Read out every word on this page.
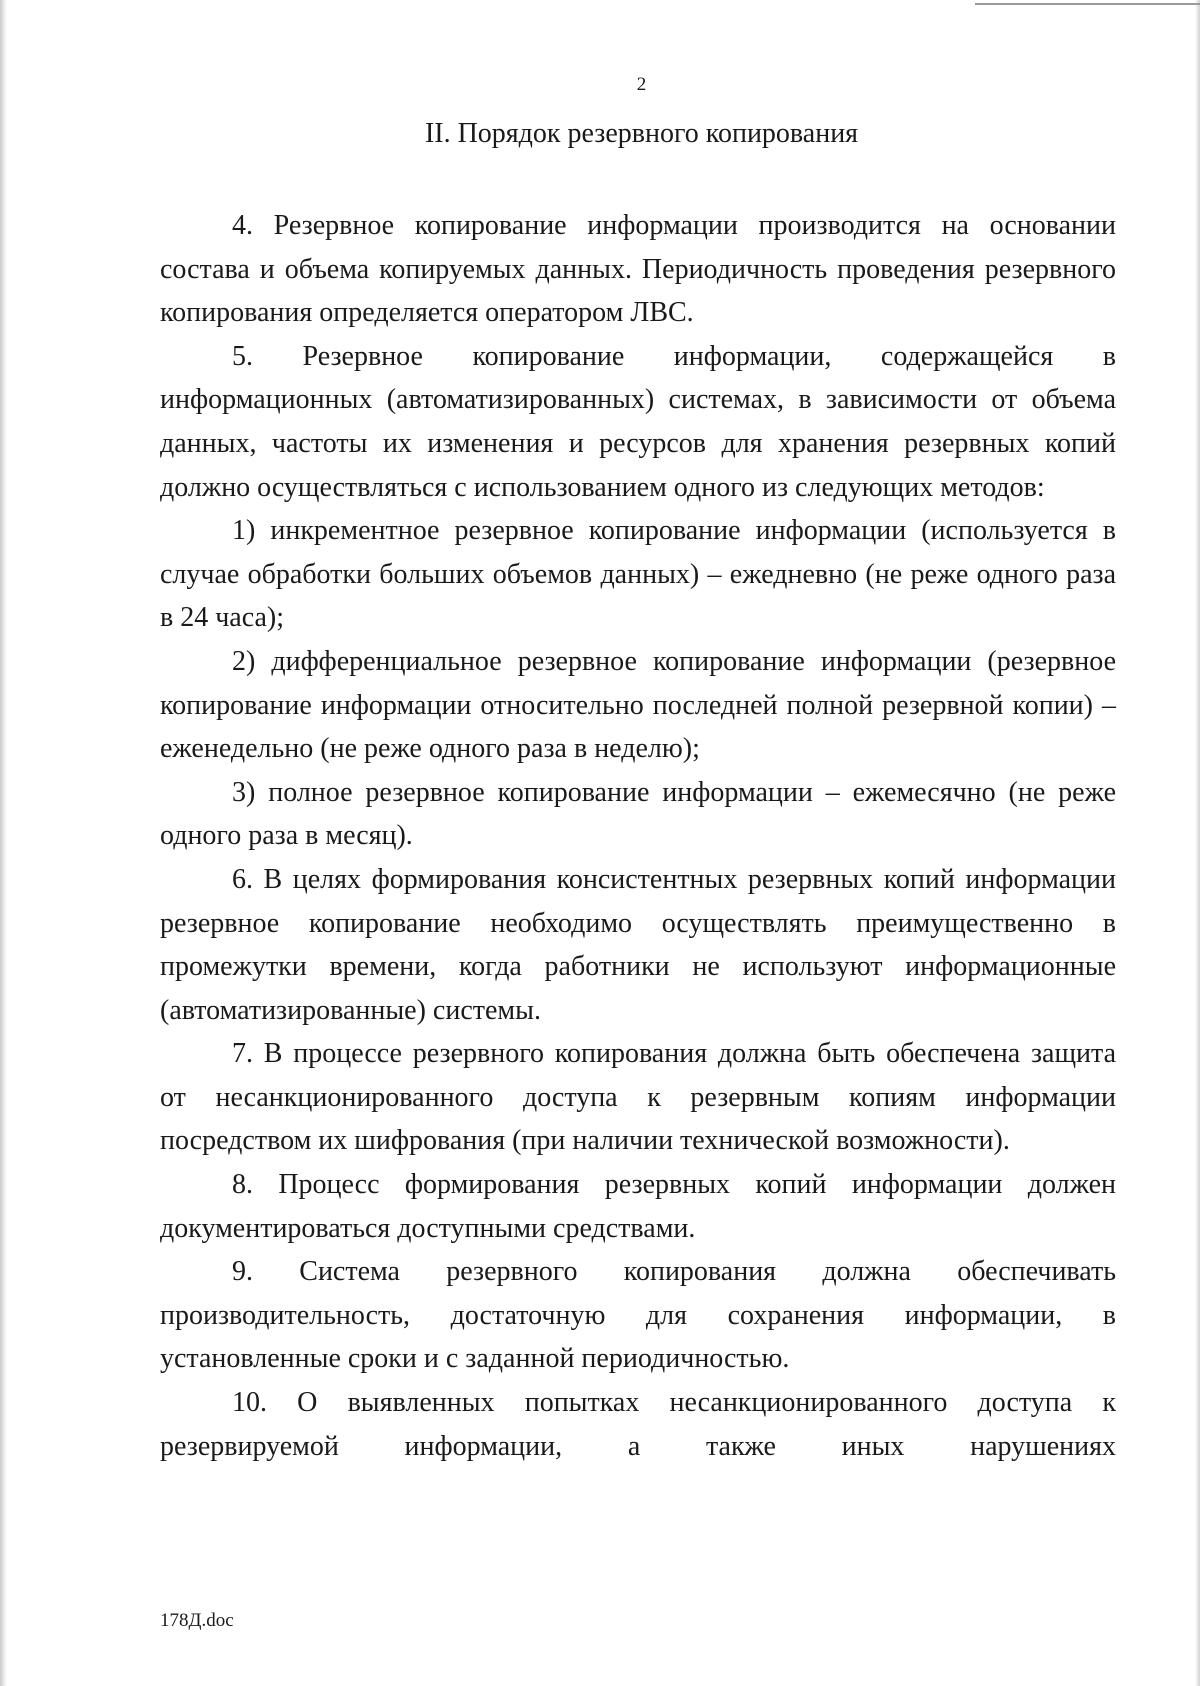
2
II. Порядок резервного копирования

4. Резервное копирование информации производится на основании состава и объема копируемых данных. Периодичность проведения резервного копирования определяется оператором ЛВС.

5. Резервное копирование информации, содержащейся в информационных (автоматизированных) системах, в зависимости от объема данных, частоты их изменения и ресурсов для хранения резервных копий должно осуществляться с использованием одного из следующих методов:

1) инкрементное резервное копирование информации (используется в случае обработки больших объемов данных) – ежедневно (не реже одного раза в 24 часа);

2) дифференциальное резервное копирование информации (резервное копирование информации относительно последней полной резервной копии) – еженедельно (не реже одного раза в неделю);

3) полное резервное копирование информации – ежемесячно (не реже одного раза в месяц).

6. В целях формирования консистентных резервных копий информации резервное копирование необходимо осуществлять преимущественно в промежутки времени, когда работники не используют информационные (автоматизированные) системы.

7. В процессе резервного копирования должна быть обеспечена защита от несанкционированного доступа к резервным копиям информации посредством их шифрования (при наличии технической возможности).

8. Процесс формирования резервных копий информации должен документироваться доступными средствами.

9. Система резервного копирования должна обеспечивать производительность, достаточную для сохранения информации, в установленные сроки и с заданной периодичностью.

10. О выявленных попытках несанкционированного доступа к резервируемой информации, а также иных нарушениях

178Д.doc
